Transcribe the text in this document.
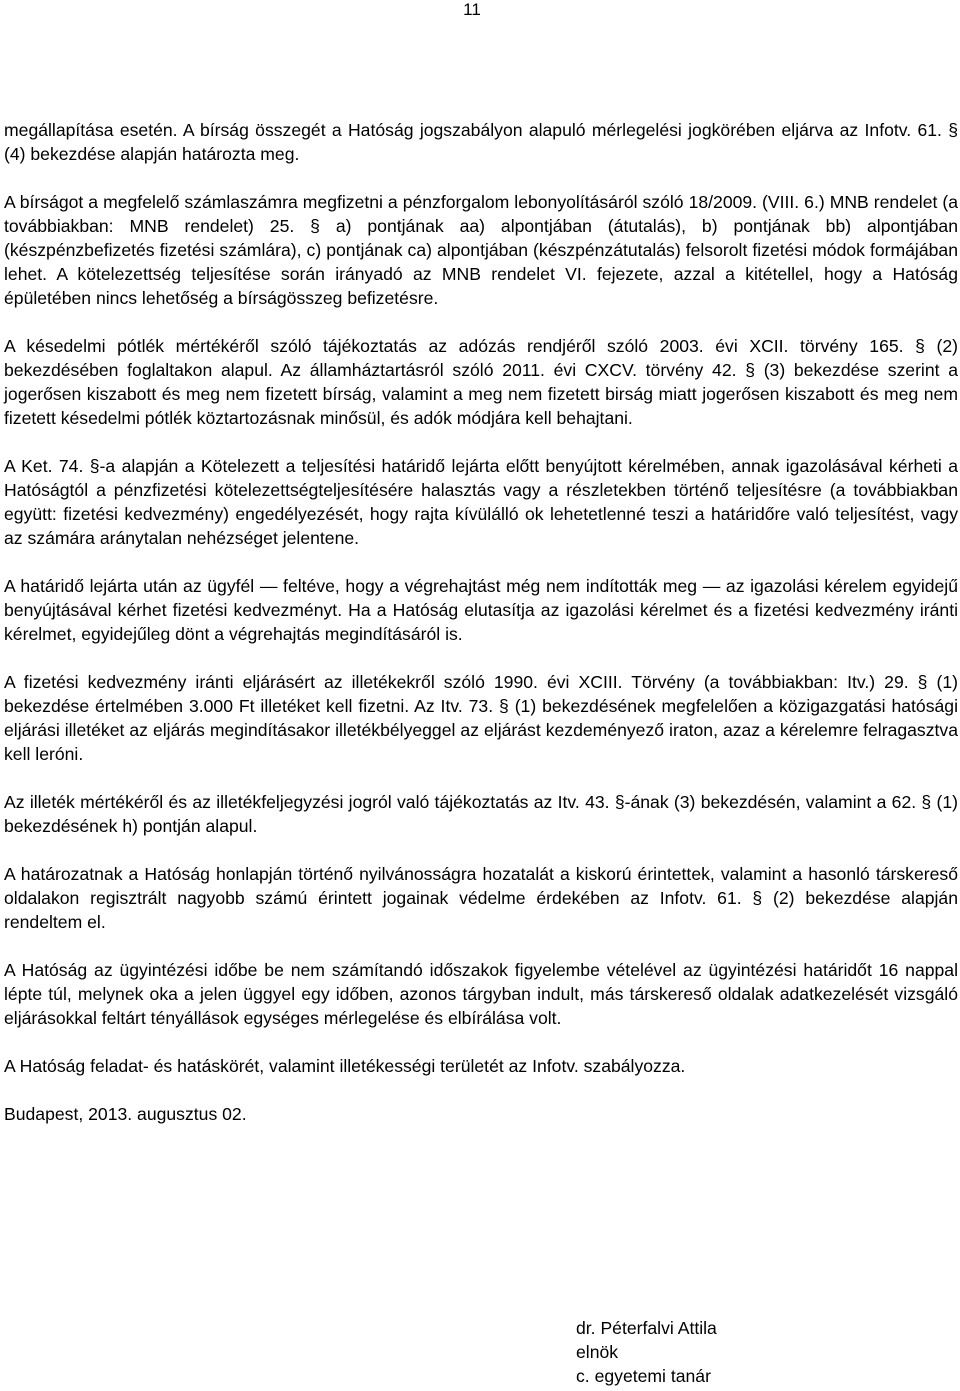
11

megállapítása esetén. A bírság összegét a Hatóság jogszabályon alapuló mérlegelési jogkörében eljárva az Infotv. 61. § (4) bekezdése alapján határozta meg.

A bírságot a megfelelő számlaszámra megfizetni a pénzforgalom lebonyolításáról szóló 18/2009. (VIII. 6.) MNB rendelet (a továbbiakban: MNB rendelet) 25. § a) pontjának aa) alpontjában (átutalás), b) pontjának bb) alpontjában (készpénzbefizetés fizetési számlára), c) pontjának ca) alpontjában (készpénzátutalás) felsorolt fizetési módok formájában lehet. A kötelezettség teljesítése során irányadó az MNB rendelet VI. fejezete, azzal a kitétellel, hogy a Hatóság épületében nincs lehetőség a bírságösszeg befizetésre.

A késedelmi pótlék mértékéről szóló tájékoztatás az adózás rendjéről szóló 2003. évi XCII. törvény 165. § (2) bekezdésében foglaltakon alapul. Az államháztartásról szóló 2011. évi CXCV. törvény 42. § (3) bekezdése szerint a jogerősen kiszabott és meg nem fizetett bírság, valamint a meg nem fizetett birság miatt jogerősen kiszabott és meg nem fizetett késedelmi pótlék köztartozásnak minősül, és adók módjára kell behajtani.

A Ket. 74. §-a alapján a Kötelezett a teljesítési határidő lejárta előtt benyújtott kérelmében, annak igazolásával kérheti a Hatóságtól a pénzfizetési kötelezettségteljesítésére halasztás vagy a részletekben történő teljesítésre (a továbbiakban együtt: fizetési kedvezmény) engedélyezését, hogy rajta kívülálló ok lehetetlenné teszi a határidőre való teljesítést, vagy az számára aránytalan nehézséget jelentene.

A határidő lejárta után az ügyfél — feltéve, hogy a végrehajtást még nem indították meg — az igazolási kérelem egyidejű benyújtásával kérhet fizetési kedvezményt. Ha a Hatóság elutasítja az igazolási kérelmet és a fizetési kedvezmény iránti kérelmet, egyidejűleg dönt a végrehajtás megindításáról is.

A fizetési kedvezmény iránti eljárásért az illetékekről szóló 1990. évi XCIII. Törvény (a továbbiakban: Itv.) 29. § (1) bekezdése értelmében 3.000 Ft illetéket kell fizetni. Az Itv. 73. § (1) bekezdésének megfelelően a közigazgatási hatósági eljárási illetéket az eljárás megindításakor illetékbélyeggel az eljárást kezdeményező iraton, azaz a kérelemre felragasztva kell leróni.

Az illeték mértékéről és az illetékfeljegyzési jogról való tájékoztatás az Itv. 43. §-ának (3) bekezdésén, valamint a 62. § (1) bekezdésének h) pontján alapul.

A határozatnak a Hatóság honlapján történő nyilvánosságra hozatalát a kiskorú érintettek, valamint a hasonló társkereső oldalakon regisztrált nagyobb számú érintett jogainak védelme érdekében az Infotv. 61. § (2) bekezdése alapján rendeltem el.

A Hatóság az ügyintézési időbe be nem számítandó időszakok figyelembe vételével az ügyintézési határidőt 16 nappal lépte túl, melynek oka a jelen üggyel egy időben, azonos tárgyban indult, más társkereső oldalak adatkezelését vizsgáló eljárásokkal feltárt tényállások egységes mérlegelése és elbírálása volt.

A Hatóság feladat- és hatáskörét, valamint illetékességi területét az Infotv. szabályozza.

Budapest, 2013. augusztus 02.

dr. Péterfalvi Attila
elnök
c. egyetemi tanár
